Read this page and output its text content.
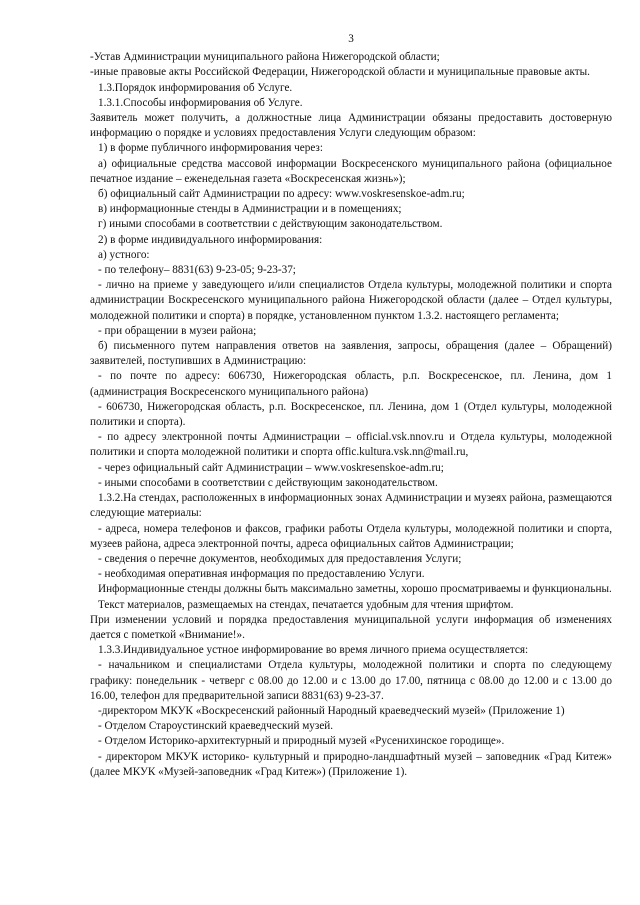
3

-Устав Администрации муниципального района Нижегородской области;

-иные правовые акты Российской Федерации, Нижегородской области и муниципальные правовые акты.

1.3.Порядок информирования об Услуге.

1.3.1.Способы информирования об Услуге.

Заявитель может получить, а должностные лица Администрации обязаны предоставить достоверную информацию о порядке и условиях предоставления Услуги следующим образом:

1) в форме публичного информирования через:

а) официальные средства массовой информации Воскресенского муниципального района (официальное печатное издание – еженедельная газета «Воскресенская жизнь»);

б) официальный сайт Администрации по адресу: www.voskresenskoe-adm.ru;

в) информационные стенды в Администрации и в помещениях;

г) иными способами в соответствии с действующим законодательством.

2) в форме индивидуального информирования:

а) устного:

- по телефону– 8831(63) 9-23-05; 9-23-37;

- лично на приеме у заведующего и/или специалистов Отдела культуры, молодежной политики и спорта администрации Воскресенского муниципального района Нижегородской области (далее – Отдел культуры, молодежной политики и спорта) в порядке, установленном пунктом 1.3.2. настоящего регламента;

- при обращении в музеи района;

б) письменного путем направления ответов на заявления, запросы, обращения (далее – Обращений) заявителей, поступивших в Администрацию:

- по почте по адресу: 606730, Нижегородская область, р.п. Воскресенское, пл. Ленина, дом 1 (администрация Воскресенского муниципального района)

- 606730, Нижегородская область, р.п. Воскресенское, пл. Ленина, дом 1 (Отдел культуры, молодежной политики и спорта).

- по адресу электронной почты Администрации – official.vsk.nnov.ru и Отдела культуры, молодежной политики и спорта молодежной политики и спорта offic.kultura.vsk.nn@mail.ru,

- через официальный сайт Администрации – www.voskresenskoe-adm.ru;

- иными способами в соответствии с действующим законодательством.

1.3.2.На стендах, расположенных в информационных зонах Администрации и музеях района, размещаются следующие материалы:

- адреса, номера телефонов и факсов, графики работы Отдела культуры, молодежной политики и спорта, музеев района, адреса электронной почты, адреса официальных сайтов Администрации;

- сведения о перечне документов, необходимых для предоставления Услуги;

- необходимая оперативная информация по предоставлению Услуги.

Информационные стенды должны быть максимально заметны, хорошо просматриваемы и функциональны.

Текст материалов, размещаемых на стендах, печатается удобным для чтения шрифтом.

При изменении условий и порядка предоставления муниципальной услуги информация об изменениях дается с пометкой «Внимание!».

1.3.3.Индивидуальное устное информирование во время личного приема осуществляется:

- начальником и специалистами Отдела культуры, молодежной политики и спорта по следующему графику: понедельник - четверг с 08.00 до 12.00 и с 13.00 до 17.00, пятница с 08.00 до 12.00 и с 13.00 до 16.00, телефон для предварительной записи 8831(63) 9-23-37.

-директором МКУК «Воскресенский районный Народный краеведческий музей» (Приложение 1)

- Отделом Староустинский краеведческий музей.

- Отделом Историко-архитектурный и природный музей «Русенихинское городище».

- директором МКУК историко- культурный и природно-ландшафтный музей – заповедник «Град Китеж» (далее МКУК «Музей-заповедник «Град Китеж») (Приложение 1).
